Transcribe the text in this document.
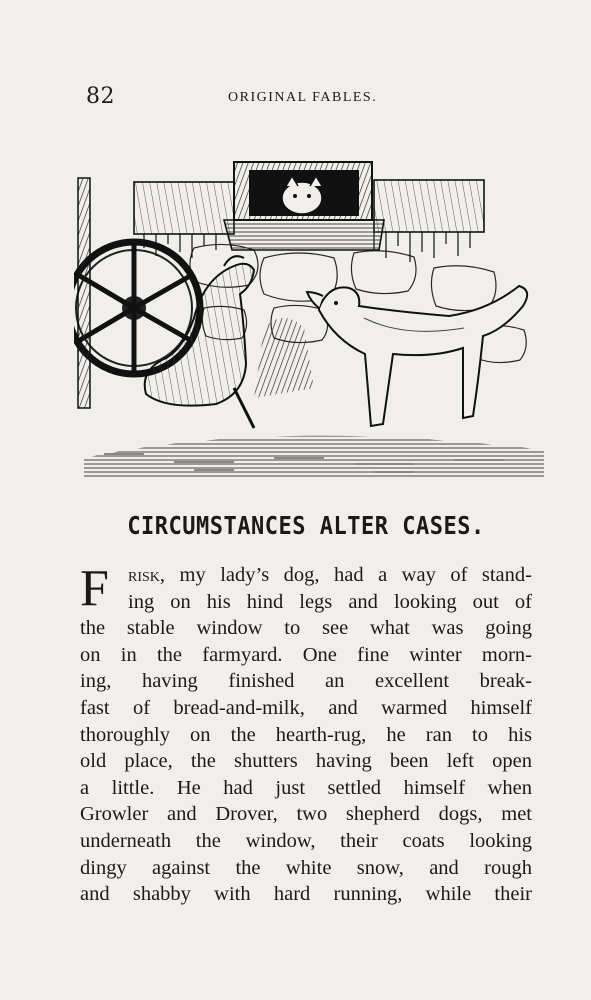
82	ORIGINAL FABLES.
CIRCUMSTANCES ALTER CASES.
F risk, my lady’s dog, had a way of stand-
ing on his hind legs and looking out of
the stable window to see what was going
on in the farmyard. One fine winter morn-
ing, having finished an excellent break-
fast of bread-and-milk, and warmed himself
thoroughly on the hearth-rug, he ran to his
old place, the shutters having been left open
a little. He had just settled himself when
Growler and Drover, two shepherd dogs, met
underneath the window, their coats looking
dingy against the white snow, and rough
and shabby with hard running, while their
